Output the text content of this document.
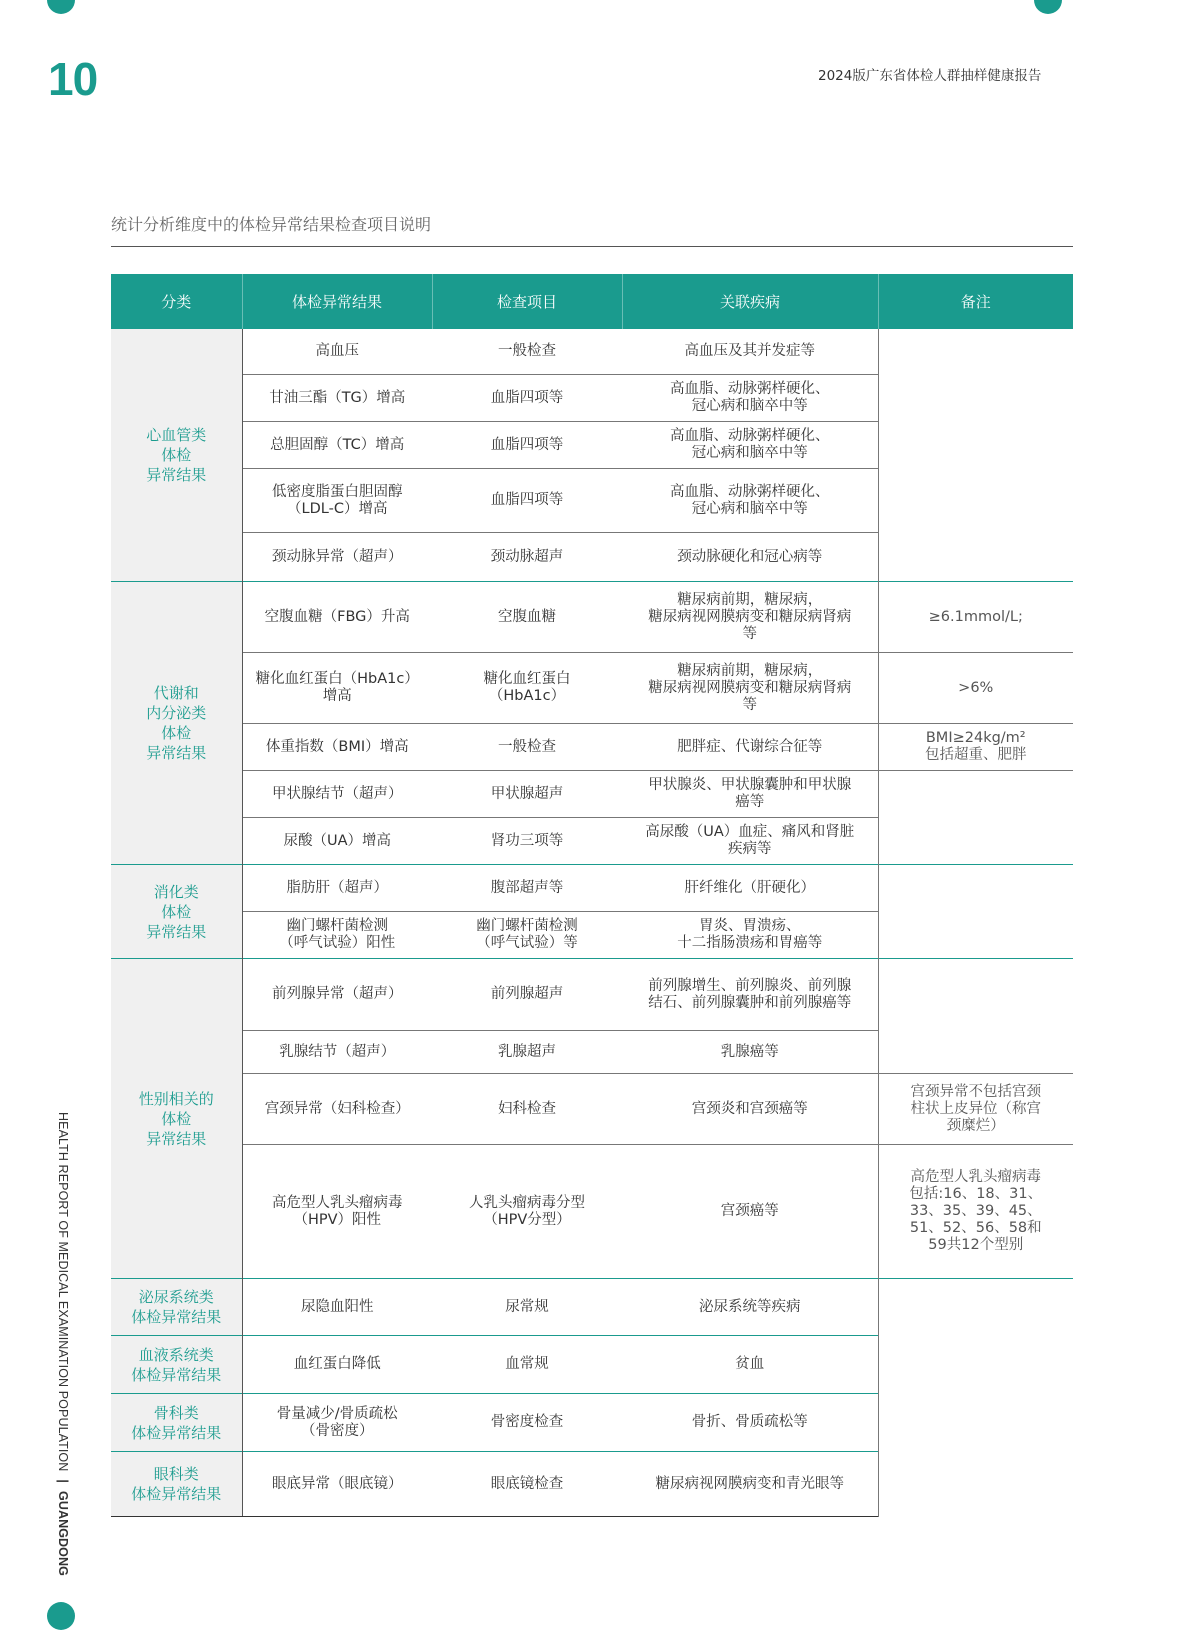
10	2024版广东省体检人群抽样健康报告
统计分析维度中的体检异常结果检查项目说明
HEALTH REPORT OF MEDICAL EXAMINATION POPULATION|GUANGDONG
分类	体检异常结果	检查项目	关联疾病	备注
心血管类
体检
异常结果	高血压	一般检查	高血压及其并发症等	
	甘油三酯（TG）增高	血脂四项等	高血脂、动脉粥样硬化、
冠心病和脑卒中等	
	总胆固醇（TC）增高	血脂四项等	高血脂、动脉粥样硬化、
冠心病和脑卒中等	
	低密度脂蛋白胆固醇
（LDL-C）增高	血脂四项等	高血脂、动脉粥样硬化、
冠心病和脑卒中等	
	颈动脉异常（超声）	颈动脉超声	颈动脉硬化和冠心病等	
代谢和
内分泌类
体检
异常结果	空腹血糖（FBG）升高	空腹血糖	糖尿病前期，糖尿病，
糖尿病视网膜病变和糖尿病肾病
等	≥6.1mmol/L;
	糖化血红蛋白（HbA1c）
增高	糖化血红蛋白
（HbA1c）	糖尿病前期，糖尿病，
糖尿病视网膜病变和糖尿病肾病
等	>6%
	体重指数（BMI）增高	一般检查	肥胖症、代谢综合征等	BMI≥24kg/m²
包括超重、肥胖
	甲状腺结节（超声）	甲状腺超声	甲状腺炎、甲状腺囊肿和甲状腺
癌等	
	尿酸（UA）增高	肾功三项等	高尿酸（UA）血症、痛风和肾脏
疾病等	
消化类
体检
异常结果	脂肪肝（超声）	腹部超声等	肝纤维化（肝硬化）	
	幽门螺杆菌检测
（呼气试验）阳性	幽门螺杆菌检测
（呼气试验）等	胃炎、胃溃疡、
十二指肠溃疡和胃癌等	
性别相关的
体检
异常结果	前列腺异常（超声）	前列腺超声	前列腺增生、前列腺炎、前列腺
结石、前列腺囊肿和前列腺癌等	
	乳腺结节（超声）	乳腺超声	乳腺癌等	
	宫颈异常（妇科检查）	妇科检查	宫颈炎和宫颈癌等	宫颈异常不包括宫颈
柱状上皮异位（称宫
颈糜烂）
	高危型人乳头瘤病毒
（HPV）阳性	人乳头瘤病毒分型
（HPV分型）	宫颈癌等	高危型人乳头瘤病毒
包括:16、18、31、
33、35、39、45、
51、52、56、58和
59共12个型别
泌尿系统类
体检异常结果	尿隐血阳性	尿常规	泌尿系统等疾病	
血液系统类
体检异常结果	血红蛋白降低	血常规	贫血	
骨科类
体检异常结果	骨量减少/骨质疏松
（骨密度）	骨密度检查	骨折、骨质疏松等	
眼科类
体检异常结果	眼底异常（眼底镜）	眼底镜检查	糖尿病视网膜病变和青光眼等	
